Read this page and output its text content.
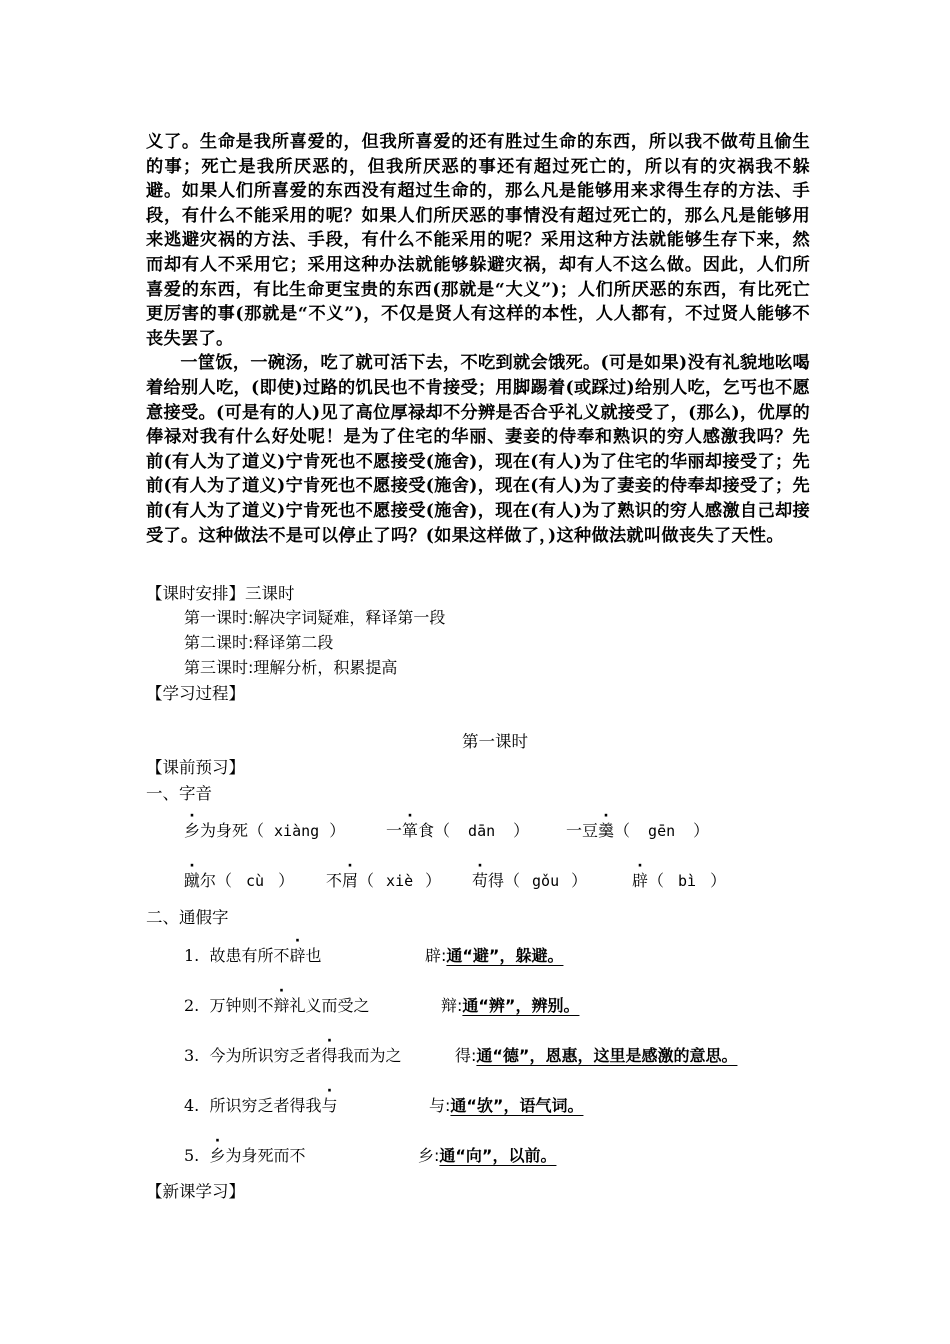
义了。生命是我所喜爱的，但我所喜爱的还有胜过生命的东西，所以我不做苟且偷生的事；死亡是我所厌恶的，但我所厌恶的事还有超过死亡的，所以有的灾祸我不躲避。如果人们所喜爱的东西没有超过生命的，那么凡是能够用来求得生存的方法、手段，有什么不能采用的呢？如果人们所厌恶的事情没有超过死亡的，那么凡是能够用来逃避灾祸的方法、手段，有什么不能采用的呢？采用这种方法就能够生存下来，然而却有人不采用它；采用这种办法就能够躲避灾祸，却有人不这么做。因此，人们所喜爱的东西，有比生命更宝贵的东西(那就是“大义”)；人们所厌恶的东西，有比死亡更厉害的事(那就是“不义”)，不仅是贤人有这样的本性，人人都有，不过贤人能够不丧失罢了。

一筐饭，一碗汤，吃了就可活下去，不吃到就会饿死。(可是如果)没有礼貌地吆喝着给别人吃，(即使)过路的饥民也不肯接受；用脚踢着(或踩过)给别人吃，乞丐也不愿意接受。(可是有的人)见了高位厚禄却不分辨是否合乎礼义就接受了，(那么)，优厚的俸禄对我有什么好处呢！是为了住宅的华丽、妻妾的侍奉和熟识的穷人感激我吗？先前(有人为了道义)宁肯死也不愿接受(施舍)，现在(有人)为了住宅的华丽却接受了；先前(有人为了道义)宁肯死也不愿接受(施舍)，现在(有人)为了妻妾的侍奉却接受了；先前(有人为了道义)宁肯死也不愿接受(施舍)，现在(有人)为了熟识的穷人感激自己却接受了。这种做法不是可以停止了吗？(如果这样做了，)这种做法就叫做丧失了天性。

【课时安排】三课时
第一课时:解决字词疑难，释译第一段
第二课时:释译第二段
第三课时:理解分析，积累提高
【学习过程】
第一课时
【课前预习】
一、字音
乡为身死（ xiàng ）	一箪食（ dān ） 一豆羹（ gēn ）
蹴尔（ cù ） 不屑（ xiè ） 苟得（ gǒu ）	辟（ bì ）
二、通假字
1. 故患有所不辟也	辟:通“避”，躲避。
2. 万钟则不辩礼义而受之	辩:通“辨”，辨别。
3. 今为所识穷乏者得我而为之	得:通“德”，恩惠，这里是感激的意思。
4. 所识穷乏者得我与	与:通“欤”，语气词。
5. 乡为身死而不	乡:通“向”，以前。
【新课学习】
